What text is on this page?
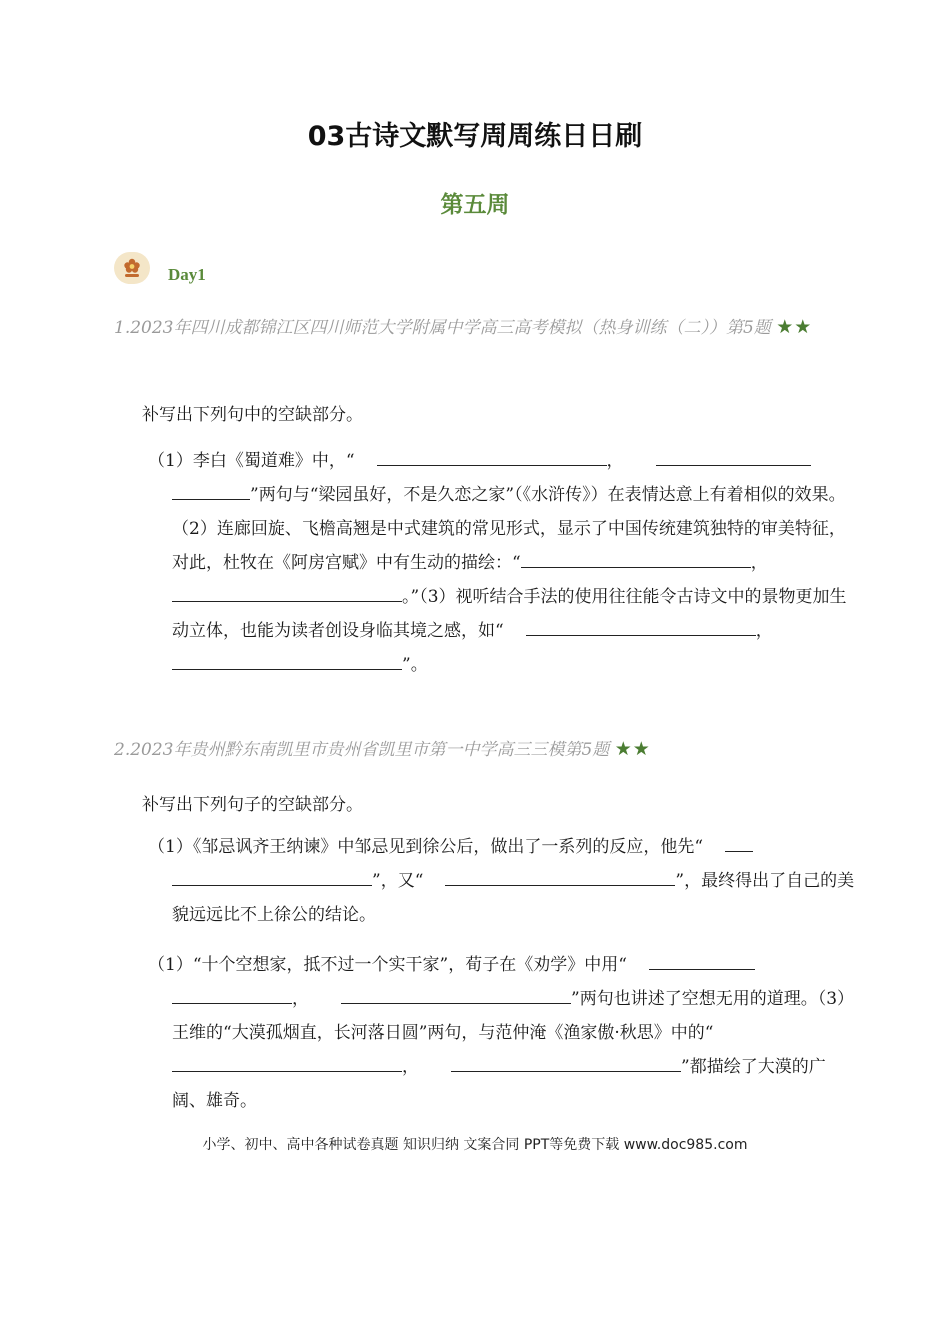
03古诗文默写周周练日日刷
第五周
Day1
1.2023年四川成都锦江区四川师范大学附属中学高三高考模拟（热身训练（二））第5题 ★★
补写出下列句中的空缺部分。
（1）李白《蜀道难》中，“	，”两句与“梁园虽好，不是久恋之家”（《水浒传》）在表情达意上有着相似的效果。（2）连廊回旋、飞檐高翘是中式建筑的常见形式，显示了中国传统建筑独特的审美特征，对此，杜牧在《阿房宫赋》中有生动的描绘：“	，。”（3）视听结合手法的使用往往能令古诗文中的景物更加生动立体，也能为读者创设身临其境之感，如“	，”。
2.2023年贵州黔东南凯里市贵州省凯里市第一中学高三三模第5题 ★★
补写出下列句子的空缺部分。
（1）《邹忌讽齐王纳谏》中邹忌见到徐公后，做出了一系列的反应，他先“”，又“	”，最终得出了自己的美貌远远比不上徐公的结论。
（1）“十个空想家，抵不过一个实干家”，荀子在《劝学》中用“，	”两句也讲述了空想无用的道理。（3）王维的“大漠孤烟直，长河落日圆”两句，与范仲淹《渔家傲·秋思》中的“，	”都描绘了大漠的广阔、雄奇。
小学、初中、高中各种试卷真题 知识归纳 文案合同 PPT等免费下载 www.doc985.com
